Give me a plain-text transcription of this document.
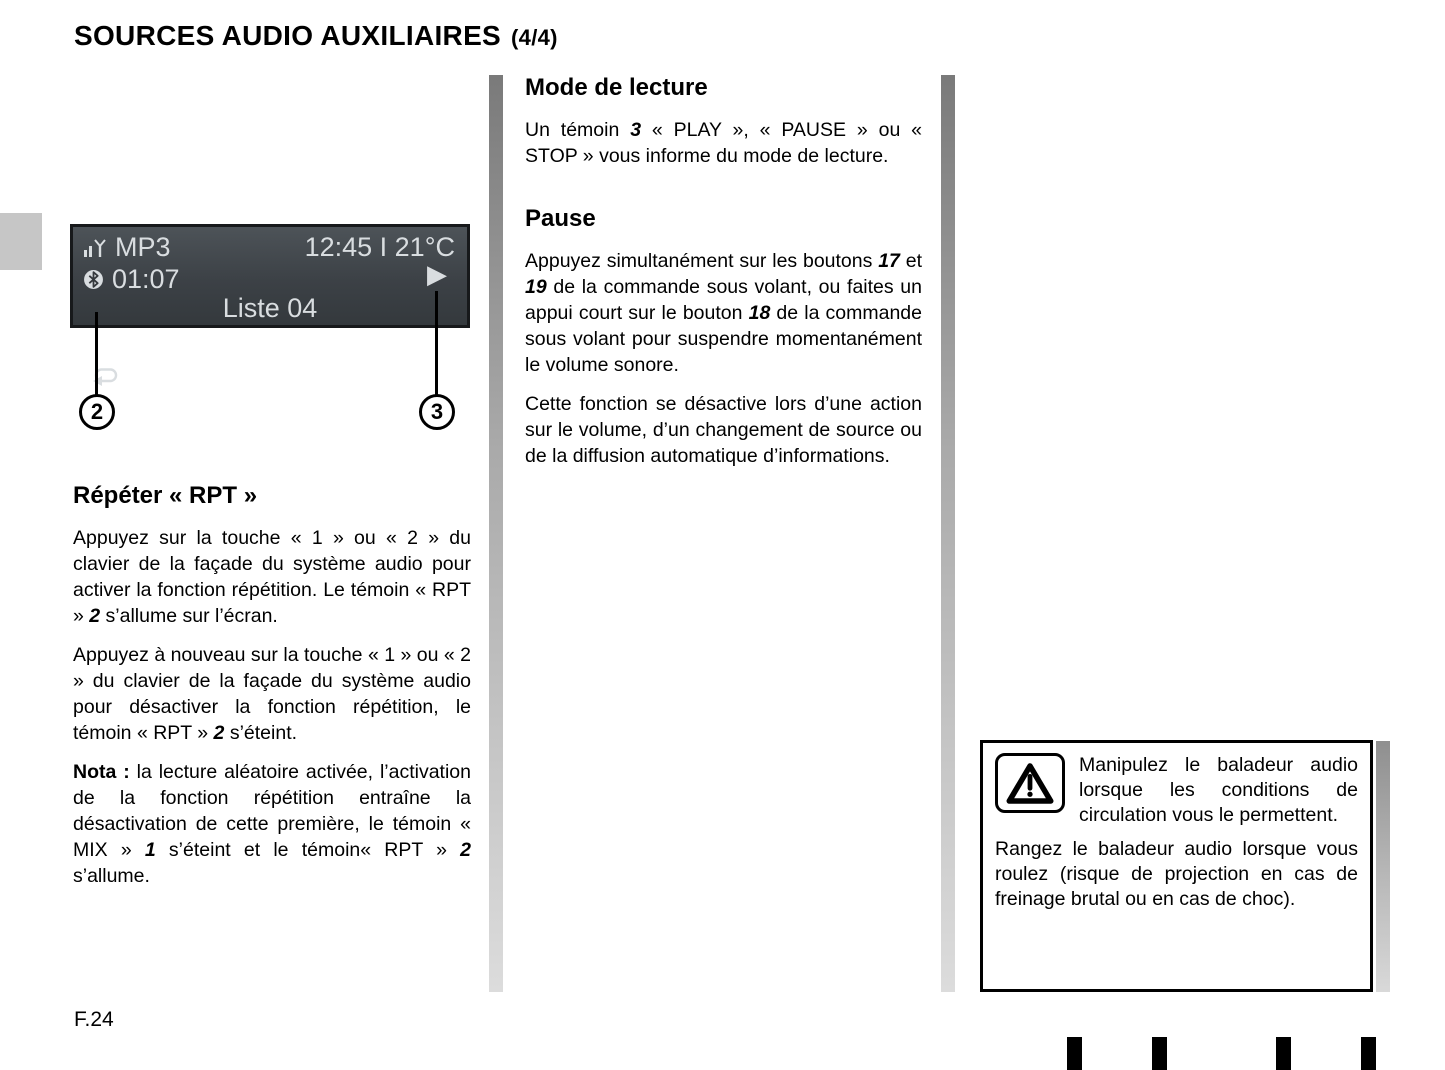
SOURCES AUDIO AUXILIAIRES (4/4)
MP3	12:45 I 21°C
01:07	▶
Liste 04
2	3
Répéter « RPT »

Appuyez sur la touche « 1 » ou « 2 » du clavier de la façade du système audio pour activer la fonction répétition. Le témoin « RPT » 2 s’allume sur l’écran.

Appuyez à nouveau sur la touche « 1 » ou « 2 » du clavier de la façade du système audio pour désactiver la fonction répétition, le témoin « RPT » 2 s’éteint.

Nota : la lecture aléatoire activée, l’activation de la fonction répétition entraîne la désactivation de cette première, le témoin « MIX » 1 s’éteint et le témoin« RPT » 2 s’allume.

Mode de lecture

Un témoin 3 « PLAY », « PAUSE » ou « STOP » vous informe du mode de lecture.

Pause

Appuyez simultanément sur les boutons 17 et 19 de la commande sous volant, ou faites un appui court sur le bouton 18 de la commande sous volant pour suspendre momentanément le volume sonore.

Cette fonction se désactive lors d’une action sur le volume, d’un changement de source ou de la diffusion automatique d’informations.

Manipulez le baladeur audio lorsque les conditions de circulation vous le permettent.

Rangez le baladeur audio lorsque vous roulez (risque de projection en cas de freinage brutal ou en cas de choc).

F.24
